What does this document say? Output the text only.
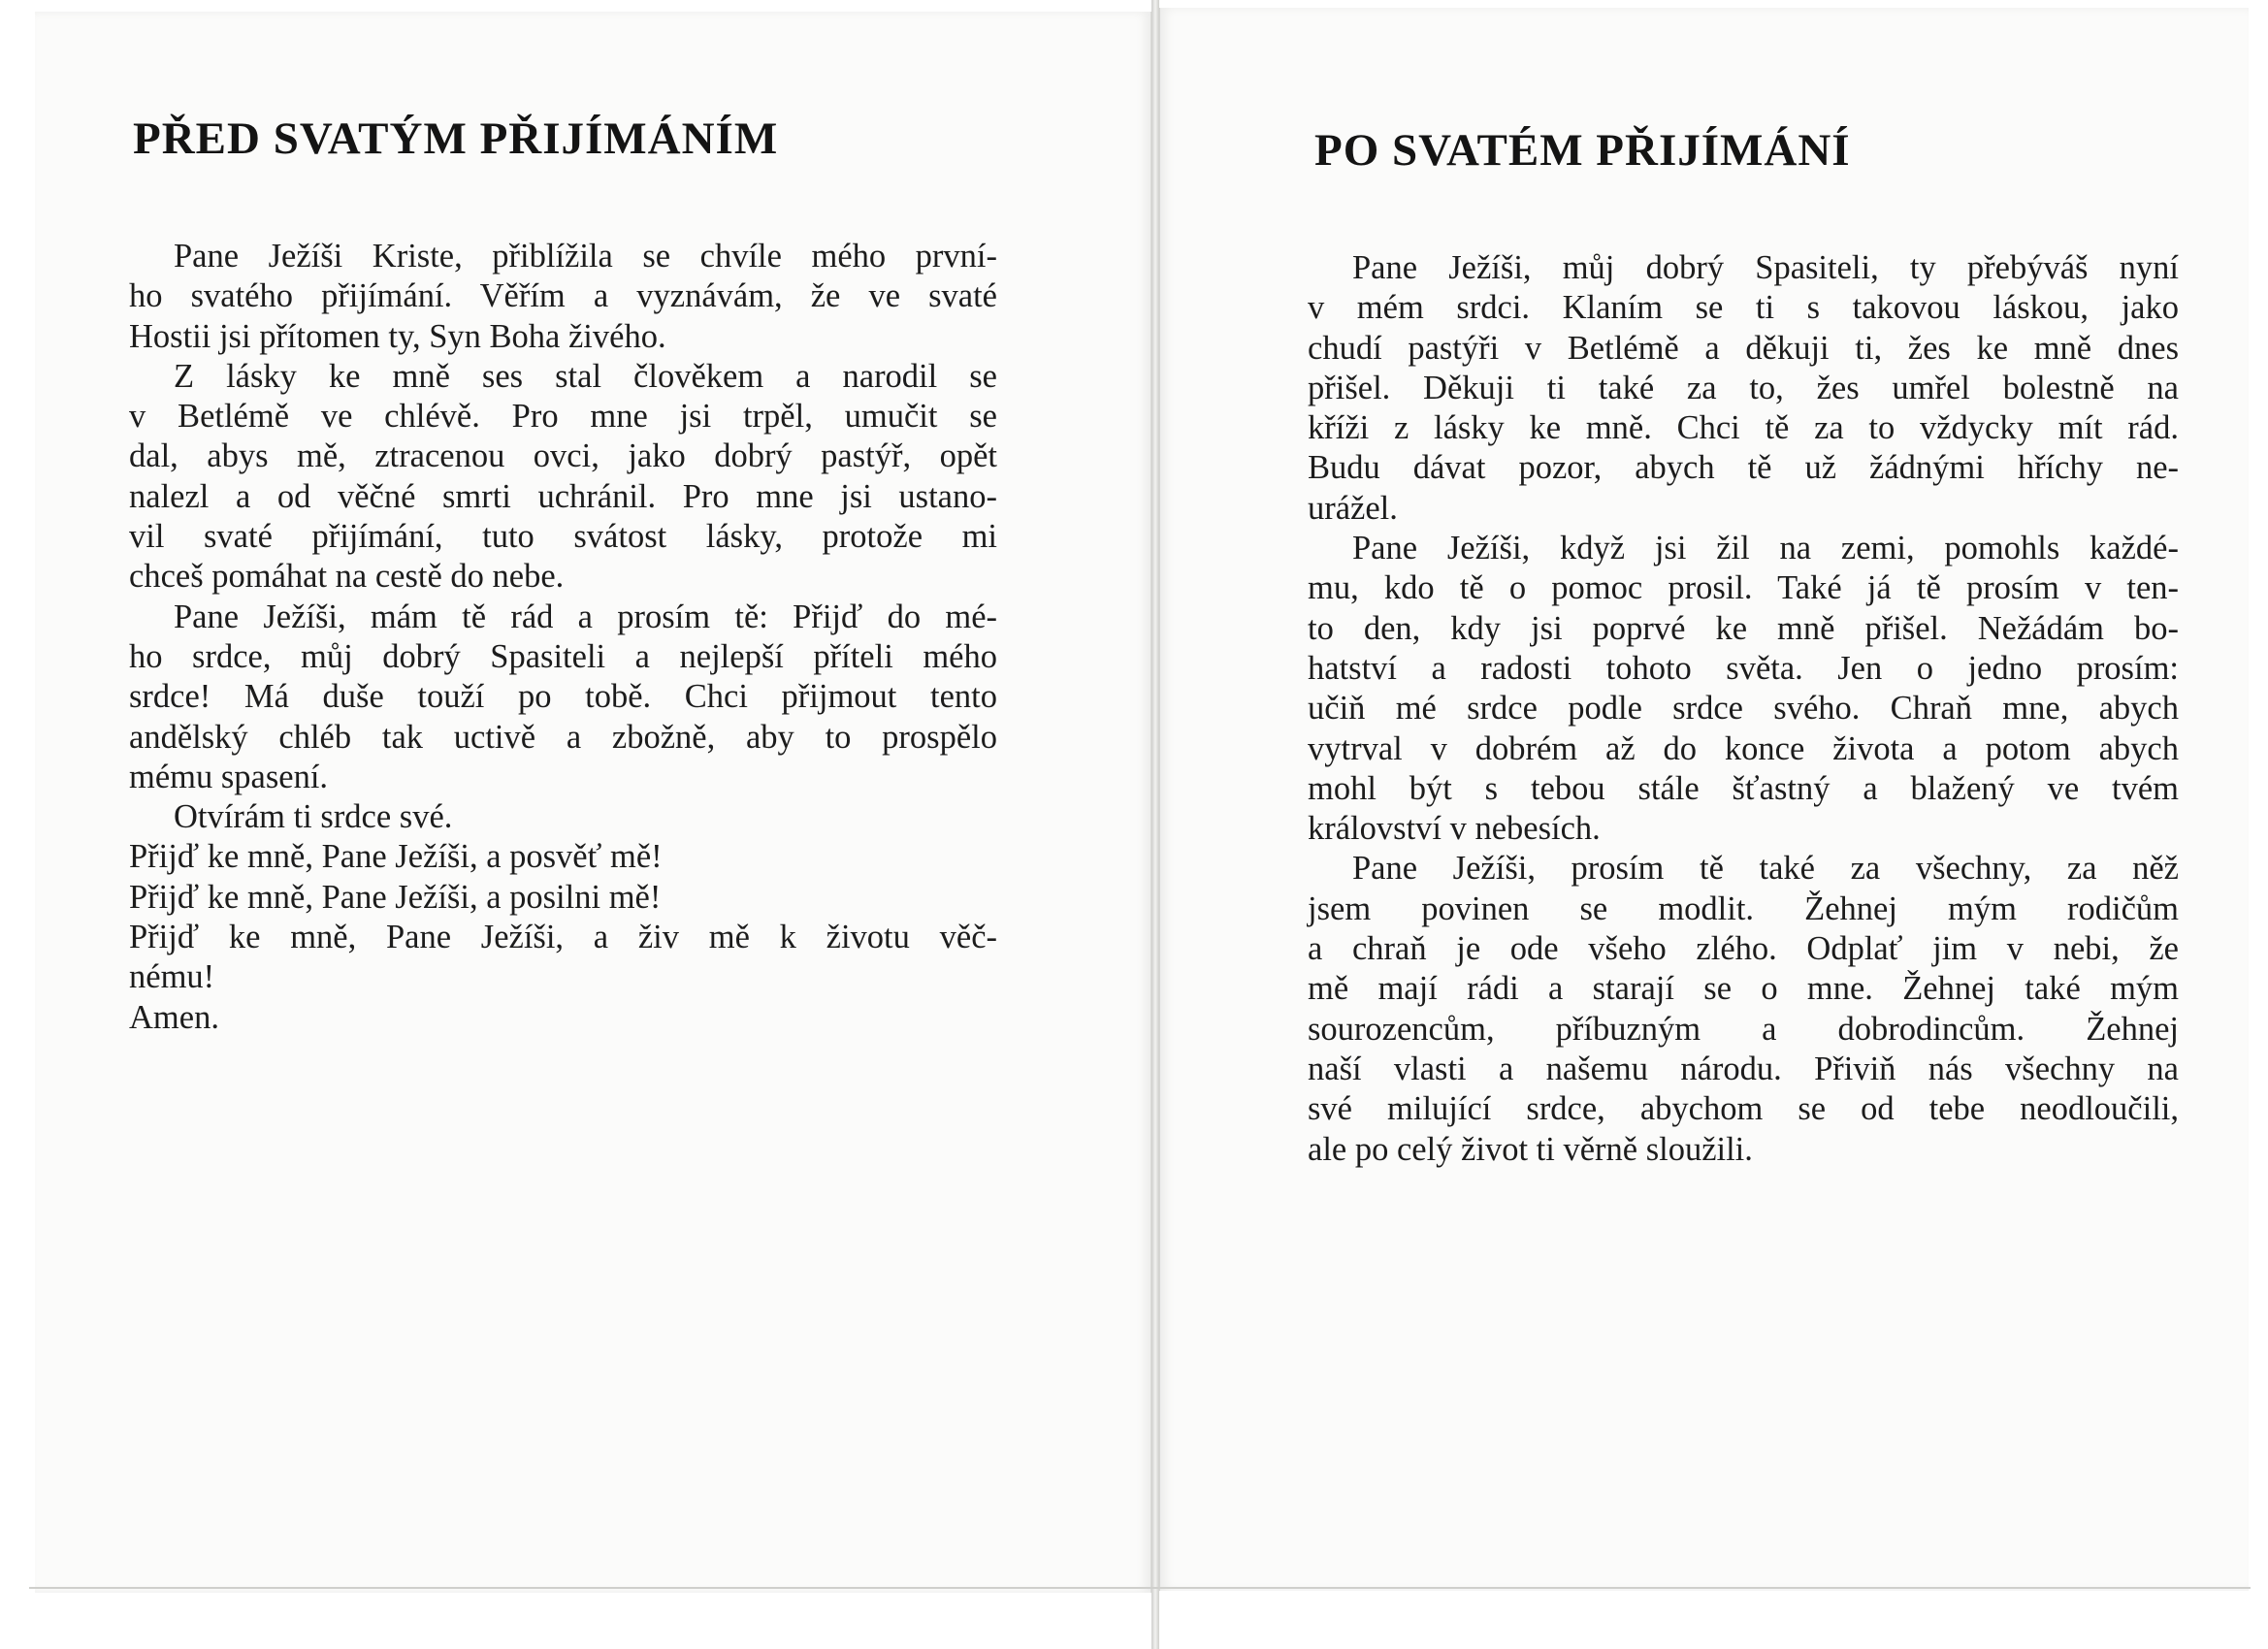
PŘED SVATÝM PŘIJÍMÁNÍM
Pane Ježíši Kriste, přiblížila se chvíle mého první-
ho svatého přijímání. Věřím a vyznávám, že ve svaté
Hostii jsi přítomen ty, Syn Boha živého.
Z lásky ke mně ses stal člověkem a narodil se
v Betlémě ve chlévě. Pro mne jsi trpěl, umučit se
dal, abys mě, ztracenou ovci, jako dobrý pastýř, opět
nalezl a od věčné smrti uchránil. Pro mne jsi ustano-
vil svaté přijímání, tuto svátost lásky, protože mi
chceš pomáhat na cestě do nebe.
Pane Ježíši, mám tě rád a prosím tě: Přijď do mé-
ho srdce, můj dobrý Spasiteli a nejlepší příteli mého
srdce! Má duše touží po tobě. Chci přijmout tento
andělský chléb tak uctivě a zbožně, aby to prospělo
mému spasení.
Otvírám ti srdce své.
Přijď ke mně, Pane Ježíši, a posvěť mě!
Přijď ke mně, Pane Ježíši, a posilni mě!
Přijď ke mně, Pane Ježíši, a živ mě k životu věč-
nému!
Amen.
PO SVATÉM PŘIJÍMÁNÍ
Pane Ježíši, můj dobrý Spasiteli, ty přebýváš nyní
v mém srdci. Klaním se ti s takovou láskou, jako
chudí pastýři v Betlémě a děkuji ti, žes ke mně dnes
přišel. Děkuji ti také za to, žes umřel bolestně na
kříži z lásky ke mně. Chci tě za to vždycky mít rád.
Budu dávat pozor, abych tě už žádnými hříchy ne-
urážel.
Pane Ježíši, když jsi žil na zemi, pomohls každé-
mu, kdo tě o pomoc prosil. Také já tě prosím v ten-
to den, kdy jsi poprvé ke mně přišel. Nežádám bo-
hatství a radosti tohoto světa. Jen o jedno prosím:
učiň mé srdce podle srdce svého. Chraň mne, abych
vytrval v dobrém až do konce života a potom abych
mohl být s tebou stále šťastný a blažený ve tvém
království v nebesích.
Pane Ježíši, prosím tě také za všechny, za něž
jsem povinen se modlit. Žehnej mým rodičům
a chraň je ode všeho zlého. Odplať jim v nebi, že
mě mají rádi a starají se o mne. Žehnej také mým
sourozencům, příbuzným a dobrodincům. Žehnej
naší vlasti a našemu národu. Přiviň nás všechny na
své milující srdce, abychom se od tebe neodloučili,
ale po celý život ti věrně sloužili.
